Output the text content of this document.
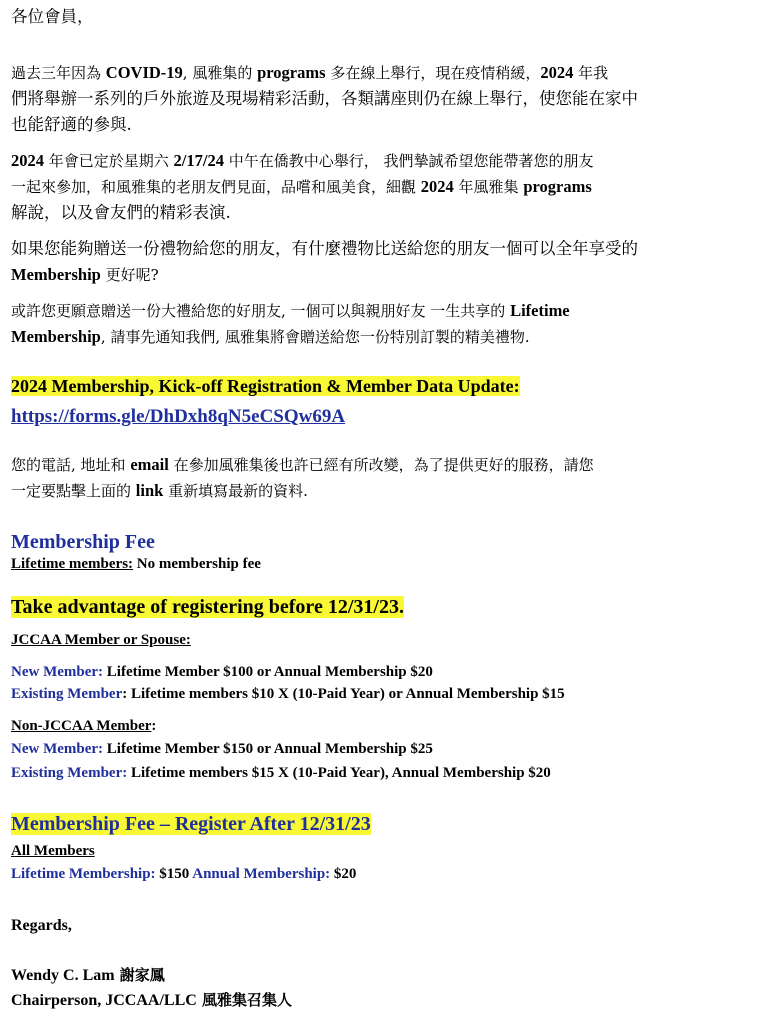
各位會員，
過去三年因為 COVID-19, 風雅集的 programs 多在線上舉行，現在疫情稍緩，2024 年我
們將舉辦一系列的戶外旅遊及現場精彩活動，各類講座則仍在線上舉行，使您能在家中
也能舒適的參與.
2024 年會已定於星期六 2/17/24 中午在僑教中心舉行， 我們摯誠希望您能帶著您的朋友
一起來參加，和風雅集的老朋友們見面，品嚐和風美食，細觀 2024 年風雅集 programs
解說，以及會友們的精彩表演.
如果您能夠贈送一份禮物給您的朋友，有什麼禮物比送給您的朋友一個可以全年享受的
Membership 更好呢?
或許您更願意贈送一份大禮給您的好朋友, 一個可以與親朋好友 一生共享的 Lifetime
Membership, 請事先通知我們, 風雅集將會贈送給您一份特別訂製的精美禮物.
2024 Membership, Kick-off Registration & Member Data Update:
https://forms.gle/DhDxh8qN5eCSQw69A
您的電話, 地址和 email 在參加風雅集後也許已經有所改變，為了提供更好的服務，請您
一定要點擊上面的 link 重新填寫最新的資料.
Membership Fee
Lifetime members: No membership fee
Take advantage of registering before 12/31/23.
JCCAA Member or Spouse:
New Member: Lifetime Member $100 or Annual Membership $20
Existing Member: Lifetime members $10 X (10-Paid Year) or Annual Membership $15
Non-JCCAA Member:
New Member: Lifetime Member $150 or Annual Membership $25
Existing Member: Lifetime members $15 X (10-Paid Year), Annual Membership $20
Membership Fee – Register After 12/31/23
All Members
Lifetime Membership: $150 Annual Membership: $20
Regards,
Wendy C. Lam 謝家鳳
Chairperson, JCCAA/LLC 風雅集召集人
